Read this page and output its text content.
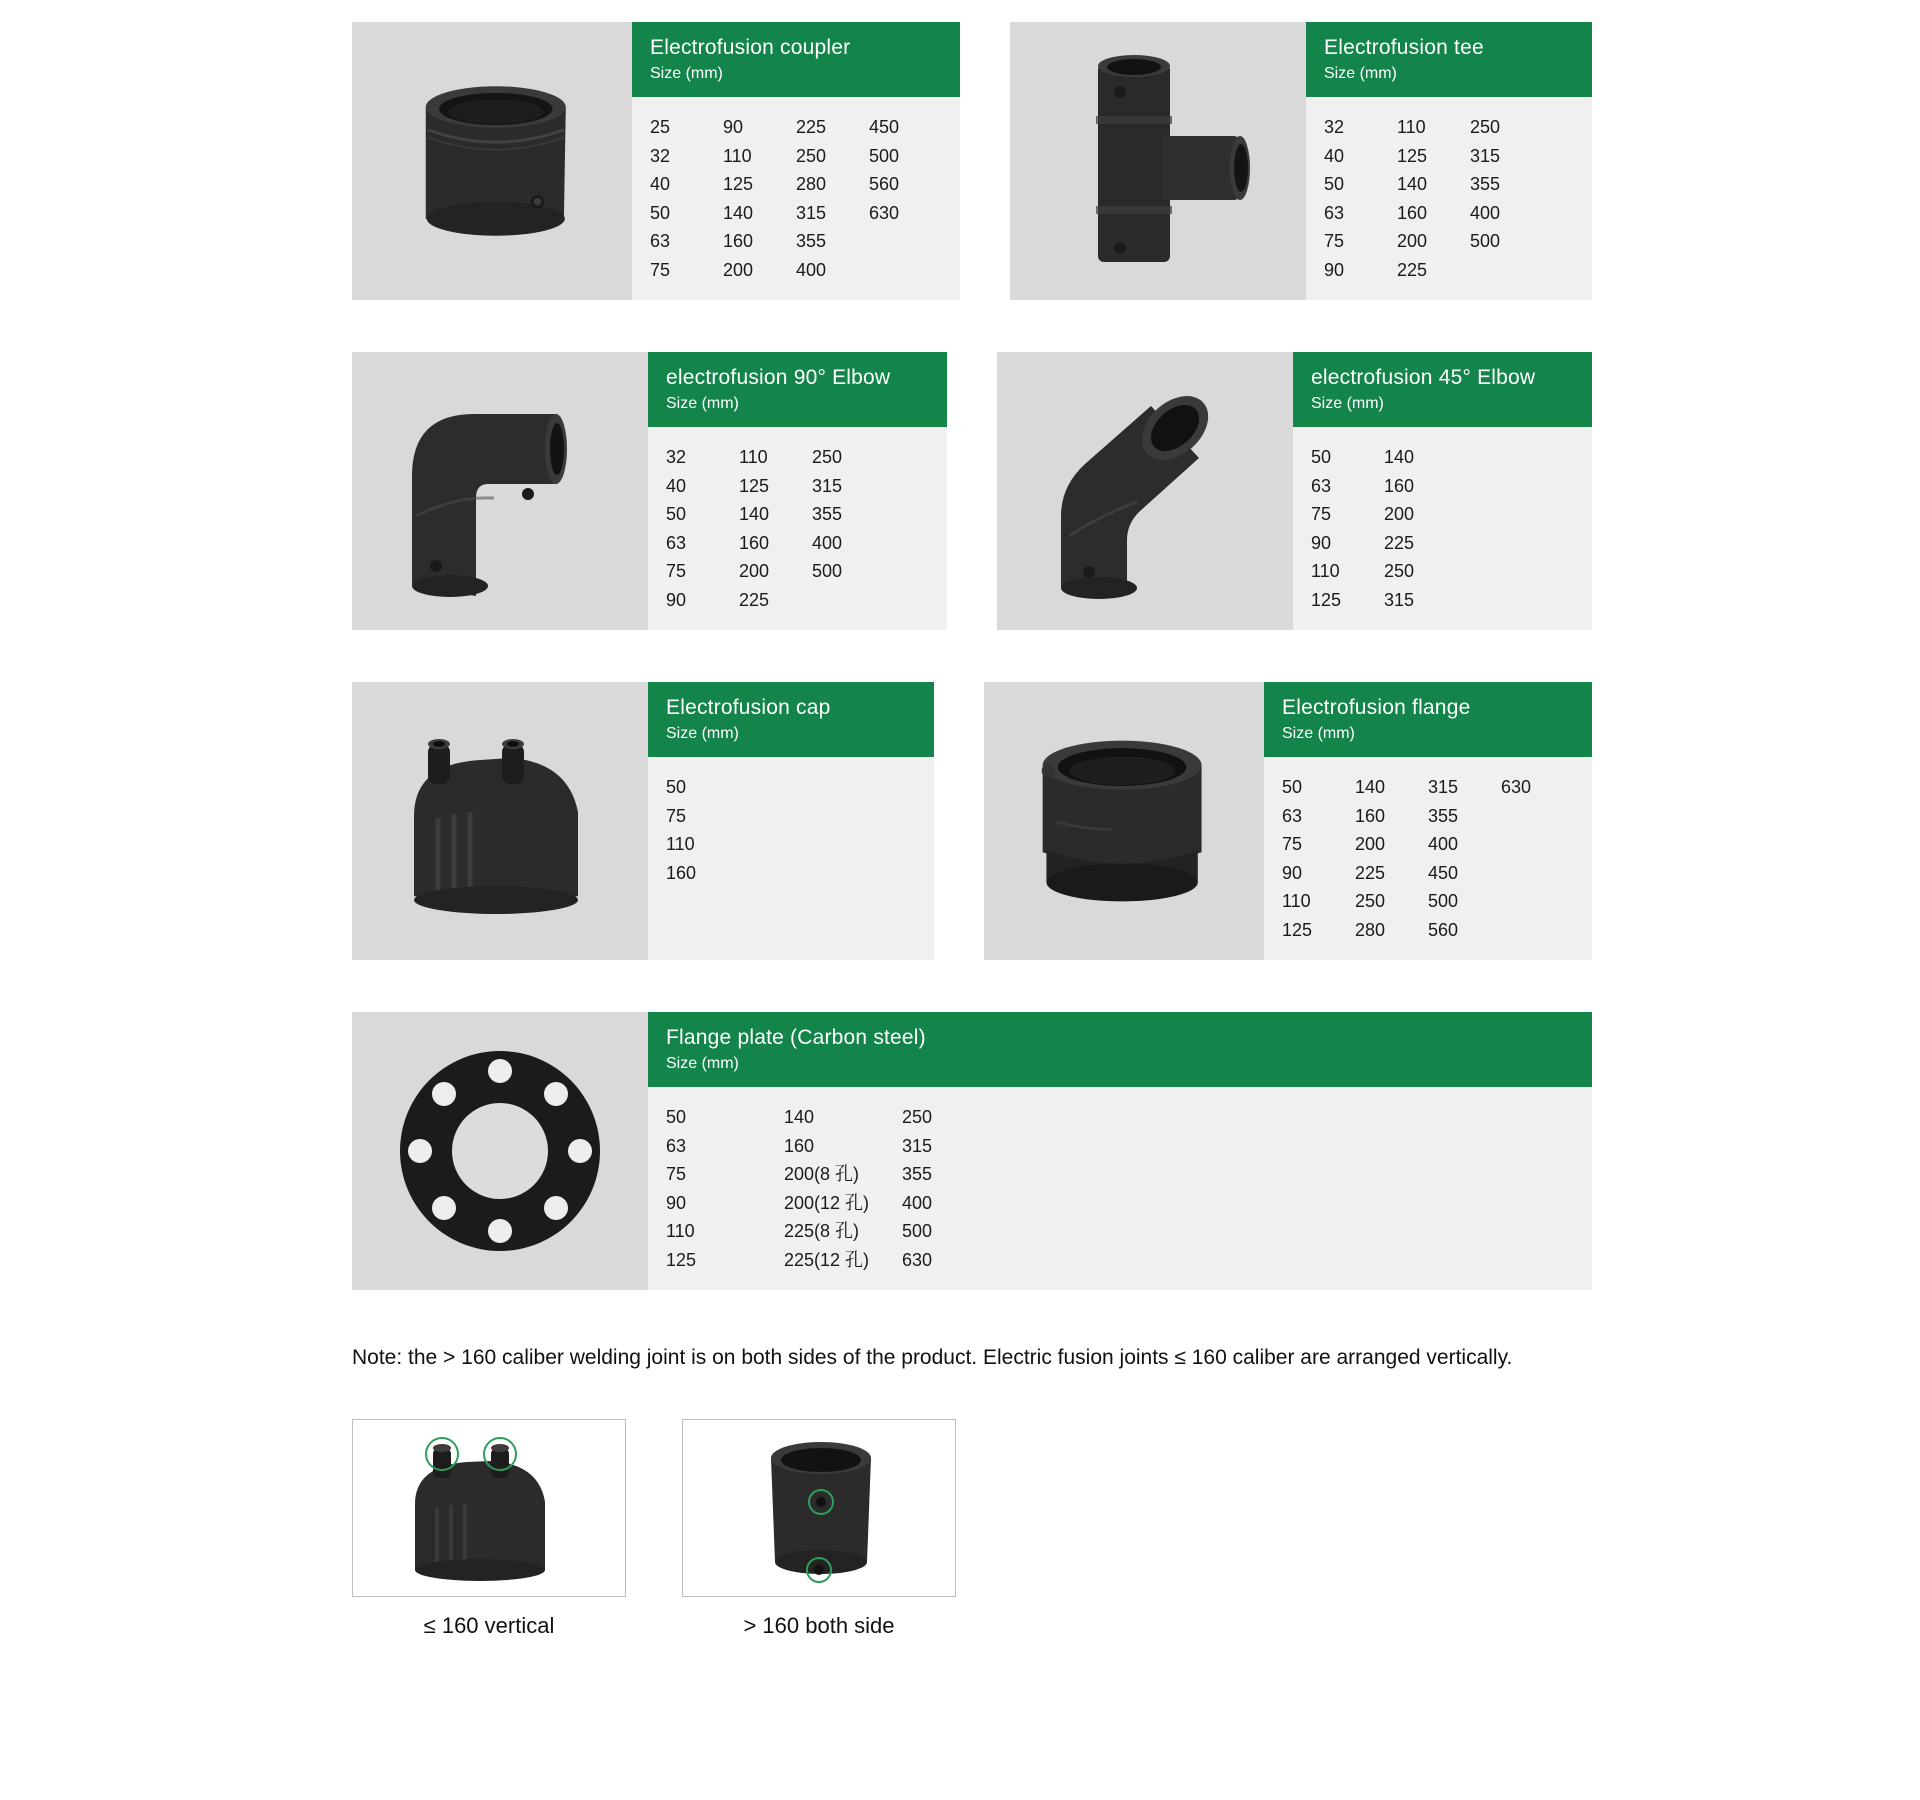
Electrofusion coupler
Size (mm)
25	90	225	450
32	110	250	500
40	125	280	560
50	140	315	630
63	160	355
75	200	400
Electrofusion tee
Size (mm)
32	110	250
40	125	315
50	140	355
63	160	400
75	200	500
90	225
electrofusion 90° Elbow
Size (mm)
32	110	250
40	125	315
50	140	355
63	160	400
75	200	500
90	225
electrofusion 45° Elbow
Size (mm)
50	140
63	160
75	200
90	225
110	250
125	315
Electrofusion cap
Size (mm)
50
75
110
160
Electrofusion flange
Size (mm)
50	140	315	630
63	160	355
75	200	400
90	225	450
110	250	500
125	280	560
Flange plate (Carbon steel)
Size (mm)
50	140	250
63	160	315
75	200(8 孔)	355
90	200(12 孔)	400
110	225(8 孔)	500
125	225(12 孔)	630
Note: the > 160 caliber welding joint is on both sides of the product. Electric fusion joints ≤ 160 caliber are arranged vertically.
≤ 160 vertical	> 160 both side
